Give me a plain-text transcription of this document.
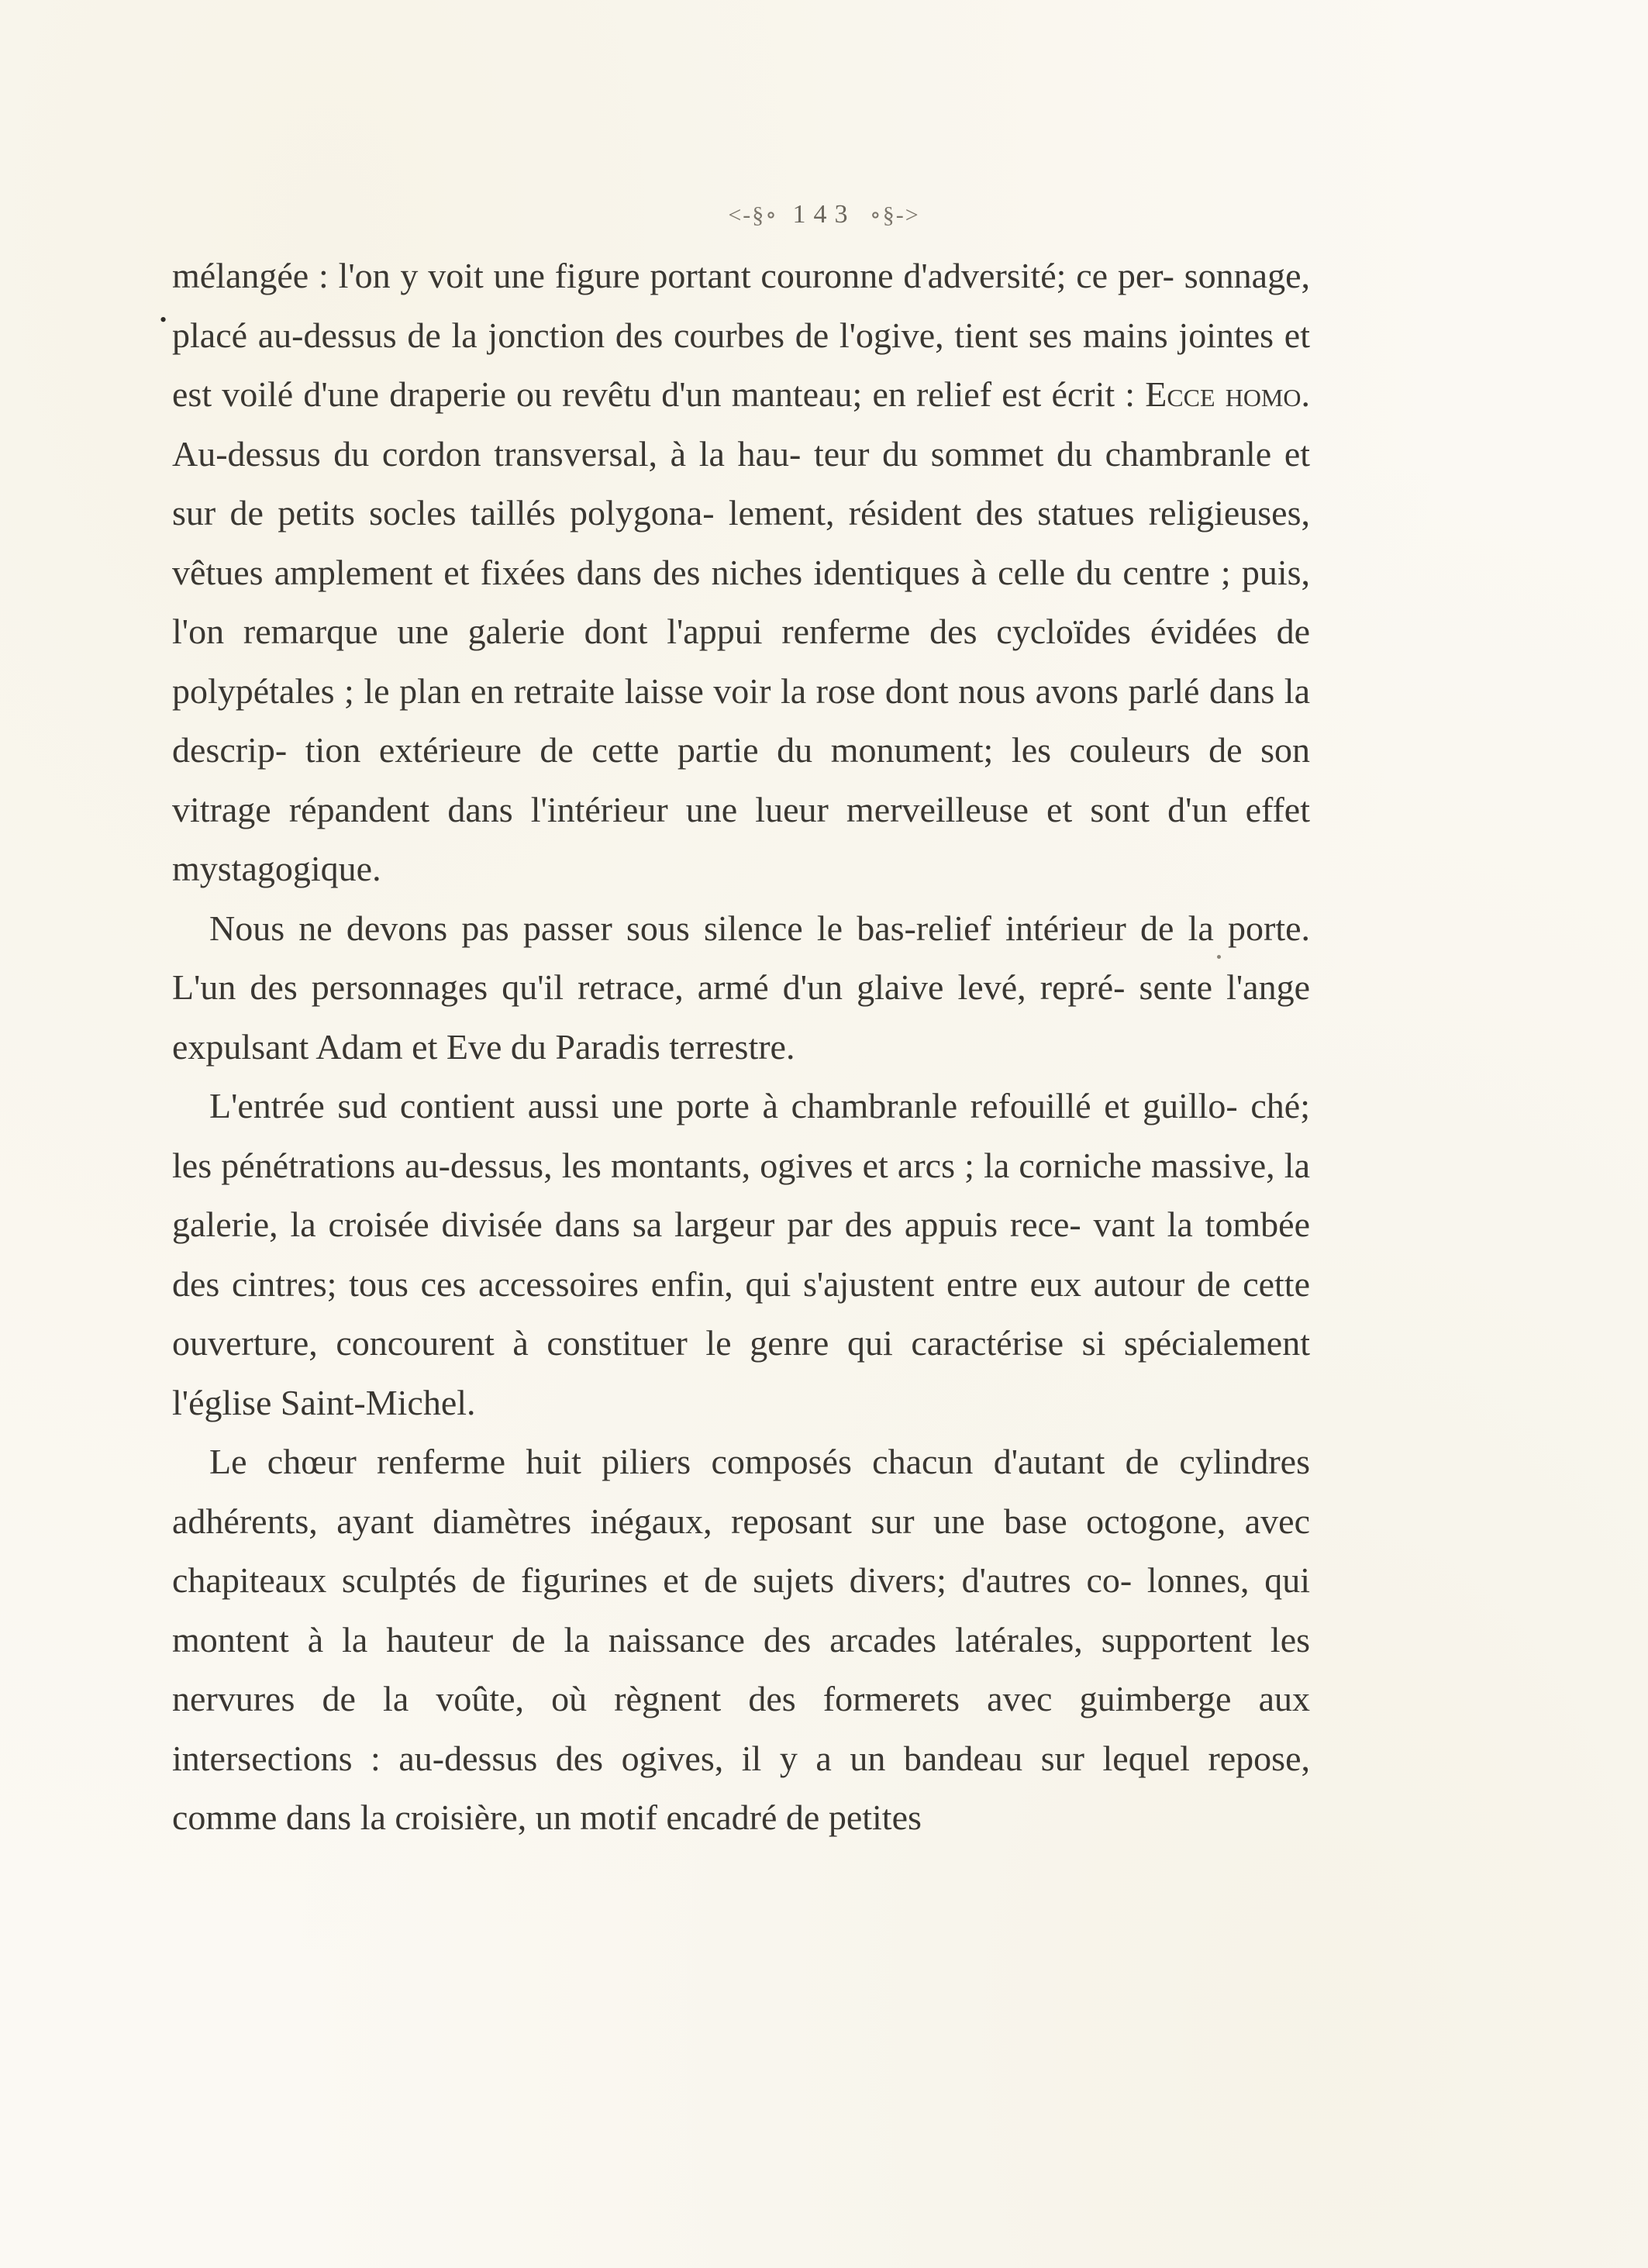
<-§∘ 143 ∘§->
•

mélangée : l'on y voit une figure portant couronne d'adversité; ce per- sonnage, placé au-dessus de la jonction des courbes de l'ogive, tient ses mains jointes et est voilé d'une draperie ou revêtu d'un manteau; en relief est écrit : Ecce homo. Au-dessus du cordon transversal, à la hau- teur du sommet du chambranle et sur de petits socles taillés polygona- lement, résident des statues religieuses, vêtues amplement et fixées dans des niches identiques à celle du centre ; puis, l'on remarque une galerie dont l'appui renferme des cycloïdes évidées de polypétales ; le plan en retraite laisse voir la rose dont nous avons parlé dans la descrip- tion extérieure de cette partie du monument; les couleurs de son vitrage répandent dans l'intérieur une lueur merveilleuse et sont d'un effet mystagogique.

Nous ne devons pas passer sous silence le bas-relief intérieur de la porte. L'un des personnages qu'il retrace, armé d'un glaive levé, repré- sente l'ange expulsant Adam et Eve du Paradis terrestre.

L'entrée sud contient aussi une porte à chambranle refouillé et guillo- ché; les pénétrations au-dessus, les montants, ogives et arcs ; la corniche massive, la galerie, la croisée divisée dans sa largeur par des appuis rece- vant la tombée des cintres; tous ces accessoires enfin, qui s'ajustent entre eux autour de cette ouverture, concourent à constituer le genre qui caractérise si spécialement l'église Saint-Michel.

Le chœur renferme huit piliers composés chacun d'autant de cylindres adhérents, ayant diamètres inégaux, reposant sur une base octogone, avec chapiteaux sculptés de figurines et de sujets divers; d'autres co- lonnes, qui montent à la hauteur de la naissance des arcades latérales, supportent les nervures de la voûte, où règnent des formerets avec guimberge aux intersections : au-dessus des ogives, il y a un bandeau sur lequel repose, comme dans la croisière, un motif encadré de petites
